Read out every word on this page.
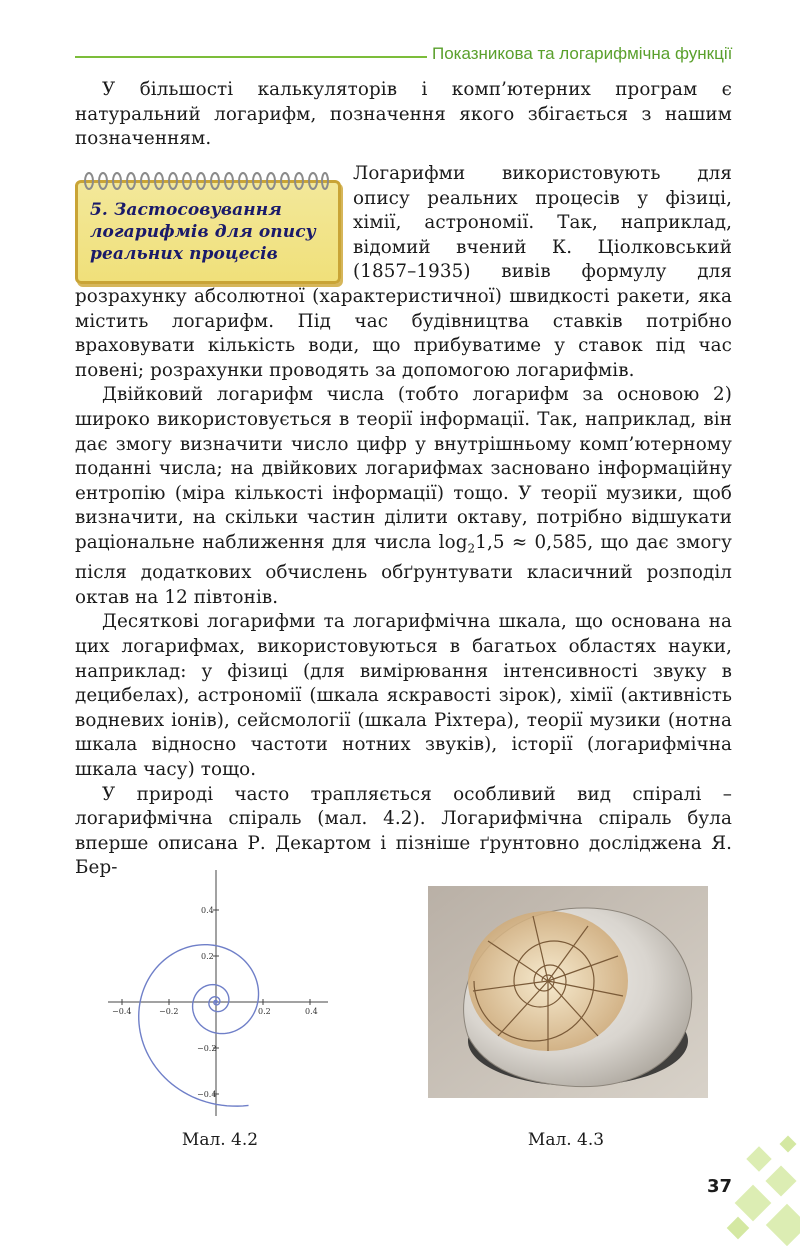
Показникова та логарифмічна функції

У більшості калькуляторів і комп’ютерних програм є натуральний логарифм, позначення якого збігається з нашим позначенням.

5. Застосовування
логарифмів для опису
реальних процесів

Логарифми використовують для опису реальних процесів у фізиці, хімії, астрономії. Так, наприклад, відомий вчений К. Ціолковський (1857–1935) вивів формулу для розрахунку абсолютної (характеристичної) швидкості ракети, яка містить логарифм. Під час будівництва ставків потрібно враховувати кількість води, що прибуватиме у ставок під час повені; розрахунки проводять за допомогою логарифмів.

Двійковий логарифм числа (тобто логарифм за основою 2) широко використовується в теорії інформації. Так, наприклад, він дає змогу визначити число цифр у внутрішньому комп’ютерному поданні числа; на двійкових логарифмах засновано інформаційну ентропію (міра кількості інформації) тощо. У теорії музики, щоб визначити, на скільки частин ділити октаву, потрібно відшукати раціональне наближення для числа $\log_21,5 \approx 0,585$, що дає змогу після додаткових обчислень обґрунтувати класичний розподіл октав на 12 півтонів.

Десяткові логарифми та логарифмічна шкала, що основана на цих логарифмах, використовуються в багатьох областях науки, наприклад: у фізиці (для вимірювання інтенсивності звуку в децибелах), астрономії (шкала яскравості зірок), хімії (активність водневих іонів), сейсмології (шкала Ріхтера), теорії музики (нотна шкала відносно частоти нотних звуків), історії (логарифмічна шкала часу) тощо.

У природі часто трапляється особливий вид спіралі – логарифмічна спіраль (мал. 4.2). Логарифмічна спіраль була вперше описана Р. Декартом і пізніше ґрунтовно досліджена Я. Бер-

−0.4	−0.2	0.2	0.4
0.4
0.2
−0.2
−0.4
Мал. 4.2	Мал. 4.3
37
